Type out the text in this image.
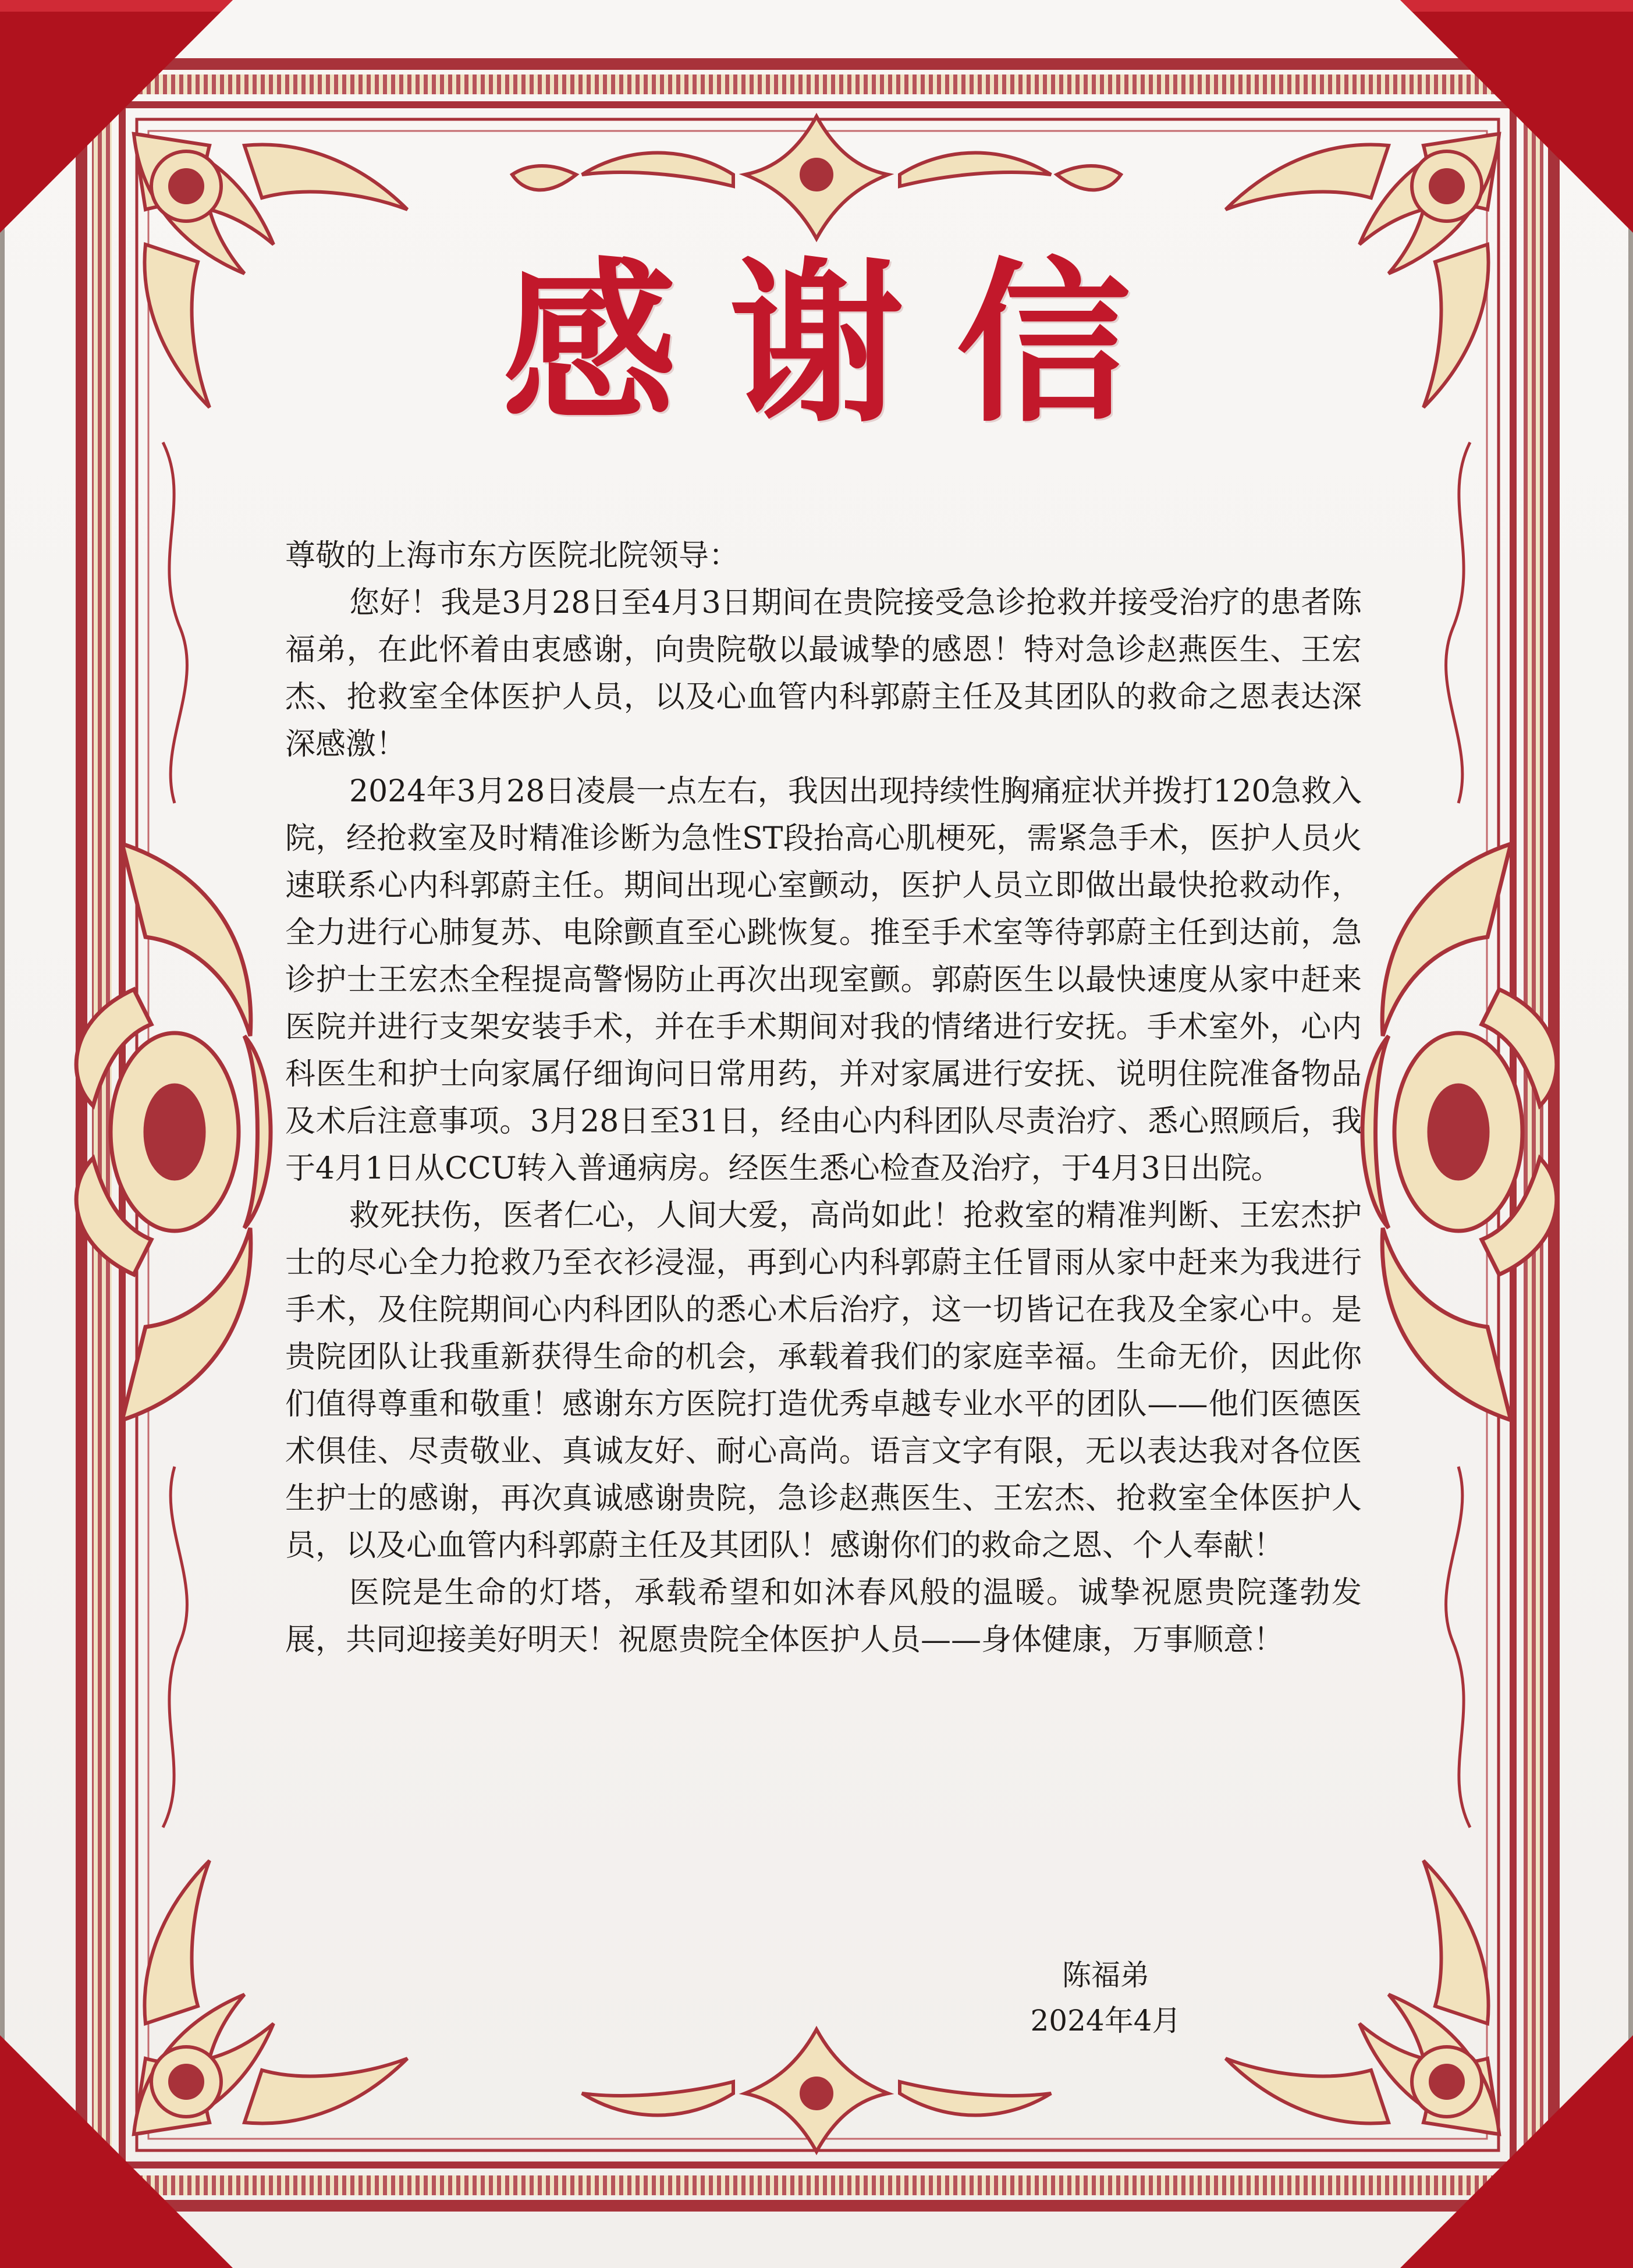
感谢信

尊敬的上海市东方医院北院领导：

您好！我是3月28日至4月3日期间在贵院接受急诊抢救并接受治疗的患者陈福弟，在此怀着由衷感谢，向贵院敬以最诚挚的感恩！特对急诊赵燕医生、王宏杰、抢救室全体医护人员，以及心血管内科郭蔚主任及其团队的救命之恩表达深深感激！

2024年3月28日凌晨一点左右，我因出现持续性胸痛症状并拨打120急救入院，经抢救室及时精准诊断为急性ST段抬高心肌梗死，需紧急手术，医护人员火速联系心内科郭蔚主任。期间出现心室颤动，医护人员立即做出最快抢救动作，全力进行心肺复苏、电除颤直至心跳恢复。推至手术室等待郭蔚主任到达前，急诊护士王宏杰全程提高警惕防止再次出现室颤。郭蔚医生以最快速度从家中赶来医院并进行支架安装手术，并在手术期间对我的情绪进行安抚。手术室外，心内科医生和护士向家属仔细询问日常用药，并对家属进行安抚、说明住院准备物品及术后注意事项。3月28日至31日，经由心内科团队尽责治疗、悉心照顾后，我于4月1日从CCU转入普通病房。经医生悉心检查及治疗，于4月3日出院。

救死扶伤，医者仁心，人间大爱，高尚如此！抢救室的精准判断、王宏杰护士的尽心全力抢救乃至衣衫浸湿，再到心内科郭蔚主任冒雨从家中赶来为我进行手术，及住院期间心内科团队的悉心术后治疗，这一切皆记在我及全家心中。是贵院团队让我重新获得生命的机会，承载着我们的家庭幸福。生命无价，因此你们值得尊重和敬重！感谢东方医院打造优秀卓越专业水平的团队——他们医德医术俱佳、尽责敬业、真诚友好、耐心高尚。语言文字有限，无以表达我对各位医生护士的感谢，再次真诚感谢贵院，急诊赵燕医生、王宏杰、抢救室全体医护人员，以及心血管内科郭蔚主任及其团队！感谢你们的救命之恩、个人奉献！

医院是生命的灯塔，承载希望和如沐春风般的温暖。诚挚祝愿贵院蓬勃发展，共同迎接美好明天！祝愿贵院全体医护人员——身体健康，万事顺意！

陈福弟
2024年4月
